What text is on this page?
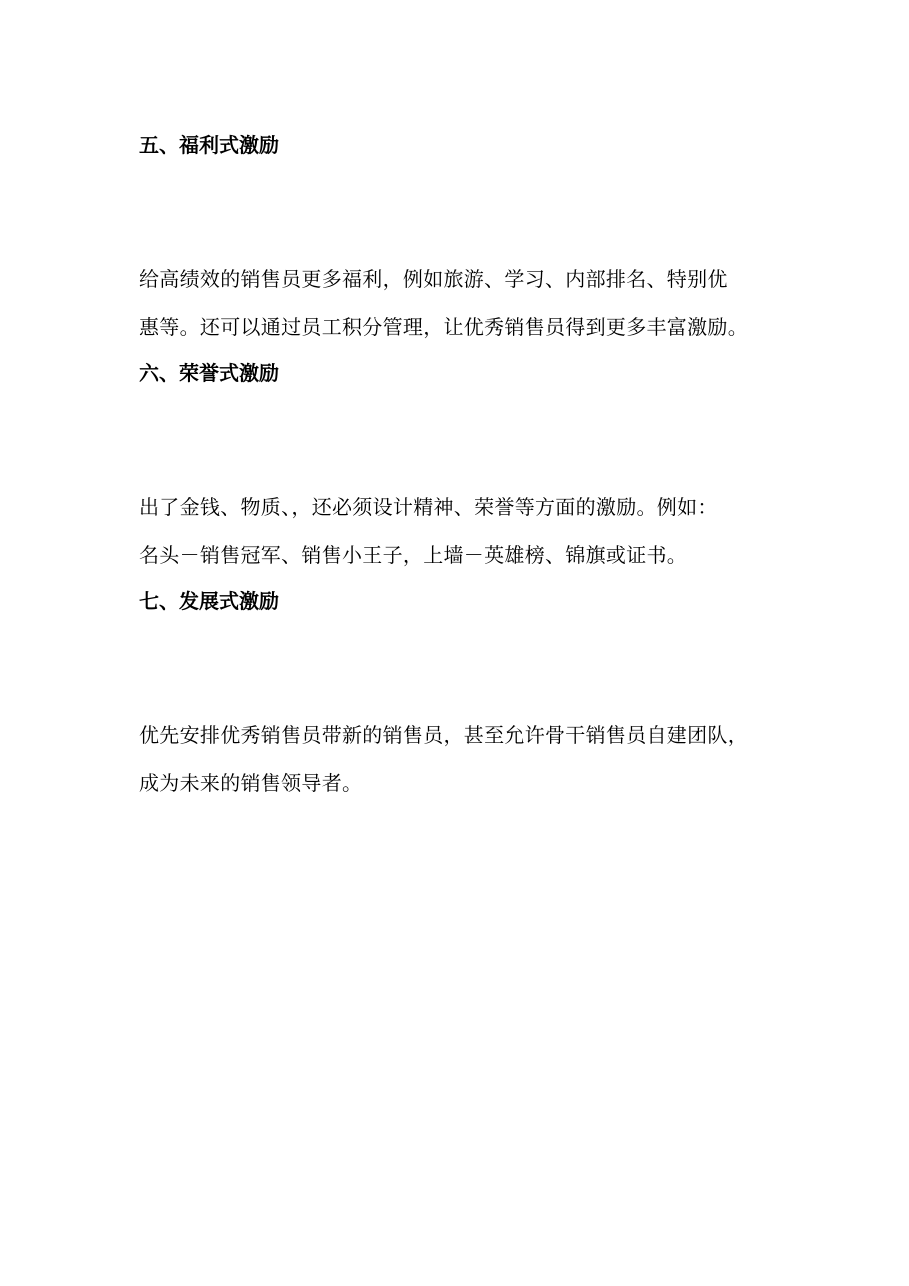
五、福利式激励
给高绩效的销售员更多福利，例如旅游、学习、内部排名、特别优
惠等。还可以通过员工积分管理，让优秀销售员得到更多丰富激励。
六、荣誉式激励
出了金钱、物质、，还必须设计精神、荣誉等方面的激励。例如：
名头－销售冠军、销售小王子，上墙－英雄榜、锦旗或证书。
七、发展式激励
优先安排优秀销售员带新的销售员，甚至允许骨干销售员自建团队，
成为未来的销售领导者。
